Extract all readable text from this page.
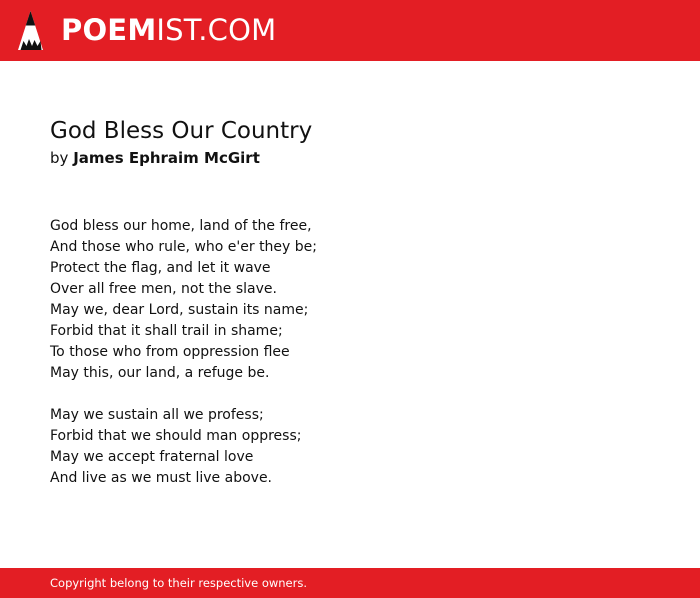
POEMIST.COM
God Bless Our Country
by James Ephraim McGirt
God bless our home, land of the free,
And those who rule, who e'er they be;
Protect the flag, and let it wave
Over all free men, not the slave.
May we, dear Lord, sustain its name;
Forbid that it shall trail in shame;
To those who from oppression flee
May this, our land, a refuge be.
May we sustain all we profess;
Forbid that we should man oppress;
May we accept fraternal love
And live as we must live above.
Copyright belong to their respective owners.
